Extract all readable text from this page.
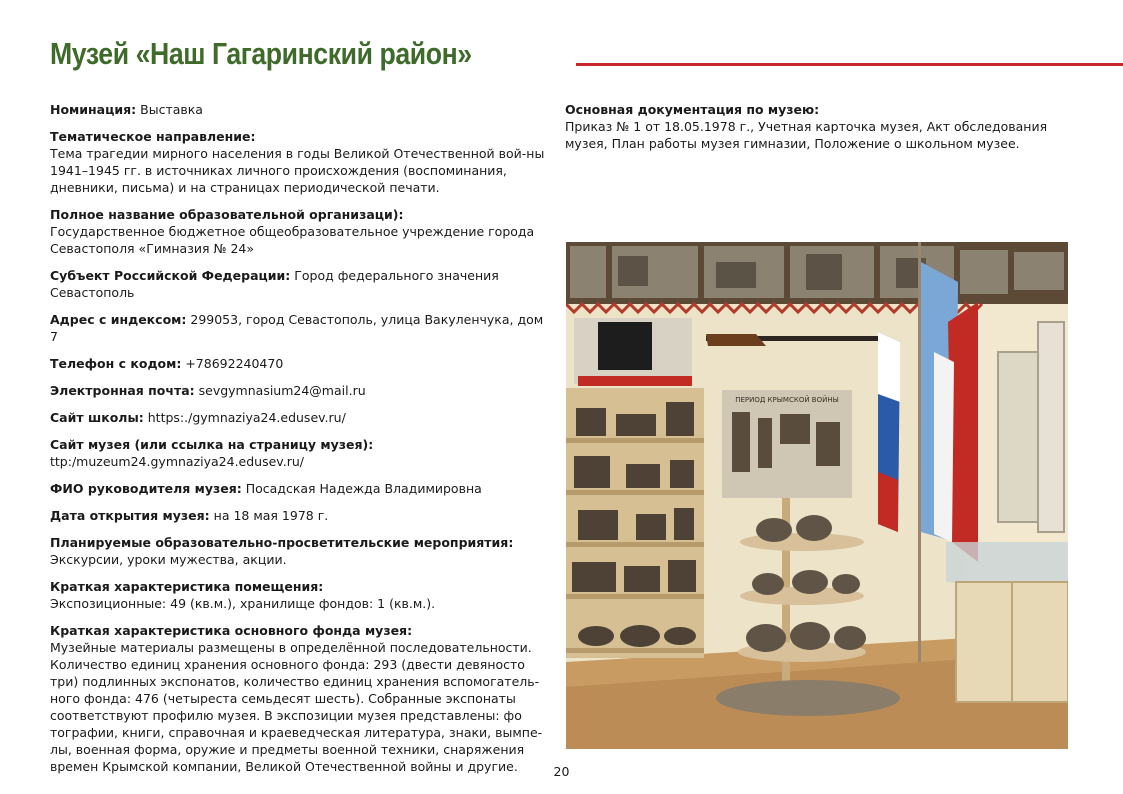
Музей «Наш Гагаринский район»

Номинация: Выставка

Тематическое направление:
Тема трагедии мирного населения в годы Великой Отечественной вой-ны 1941–1945 гг. в источниках личного происхождения (воспоминания, дневники, письма) и на страницах периодической печати.

Полное название образовательной организаци):
Государственное бюджетное общеобразовательное учреждение города Севастополя «Гимназия № 24»

Субъект Российской Федерации: Город федерального значения Севастополь

Адрес с индексом: 299053, город Севастополь, улица Вакуленчука, дом 7

Телефон с кодом: +78692240470

Электронная почта: sevgymnasium24@mail.ru

Сайт школы: https:./gymnaziya24.edusev.ru/

Сайт музея (или ссылка на страницу музея): ttp:/muzeum24.gymnaziya24.edusev.ru/

ФИО руководителя музея: Посадская Надежда Владимировна

Дата открытия музея: на 18 мая 1978 г.

Планируемые образовательно-просветительские мероприятия:
Экскурсии, уроки мужества, акции.

Краткая характеристика помещения:
Экспозиционные: 49 (кв.м.), хранилище фондов: 1 (кв.м.).

Краткая характеристика основного фонда музея:
Музейные материалы размещены в определённой последовательности. Количество единиц хранения основного фонда: 293 (двести девяносто три) подлинных экспонатов, количество единиц хранения вспомогатель-ного фонда: 476 (четыреста семьдесят шесть). Собранные экспонаты соответствуют профилю музея. В экспозиции музея представлены: фо тографии, книги, справочная и краеведческая литература, знаки, вымпе-лы, военная форма, оружие и предметы военной техники, снаряжения времен Крымской компании, Великой Отечественной войны и другие.

Основная документация по музею:
Приказ № 1 от 18.05.1978 г., Учетная карточка музея, Акт обследования музея, План работы музея гимназии, Положение о школьном музее.

ПЕРИОД КРЫМСКОЙ ВОЙНЫ
20
